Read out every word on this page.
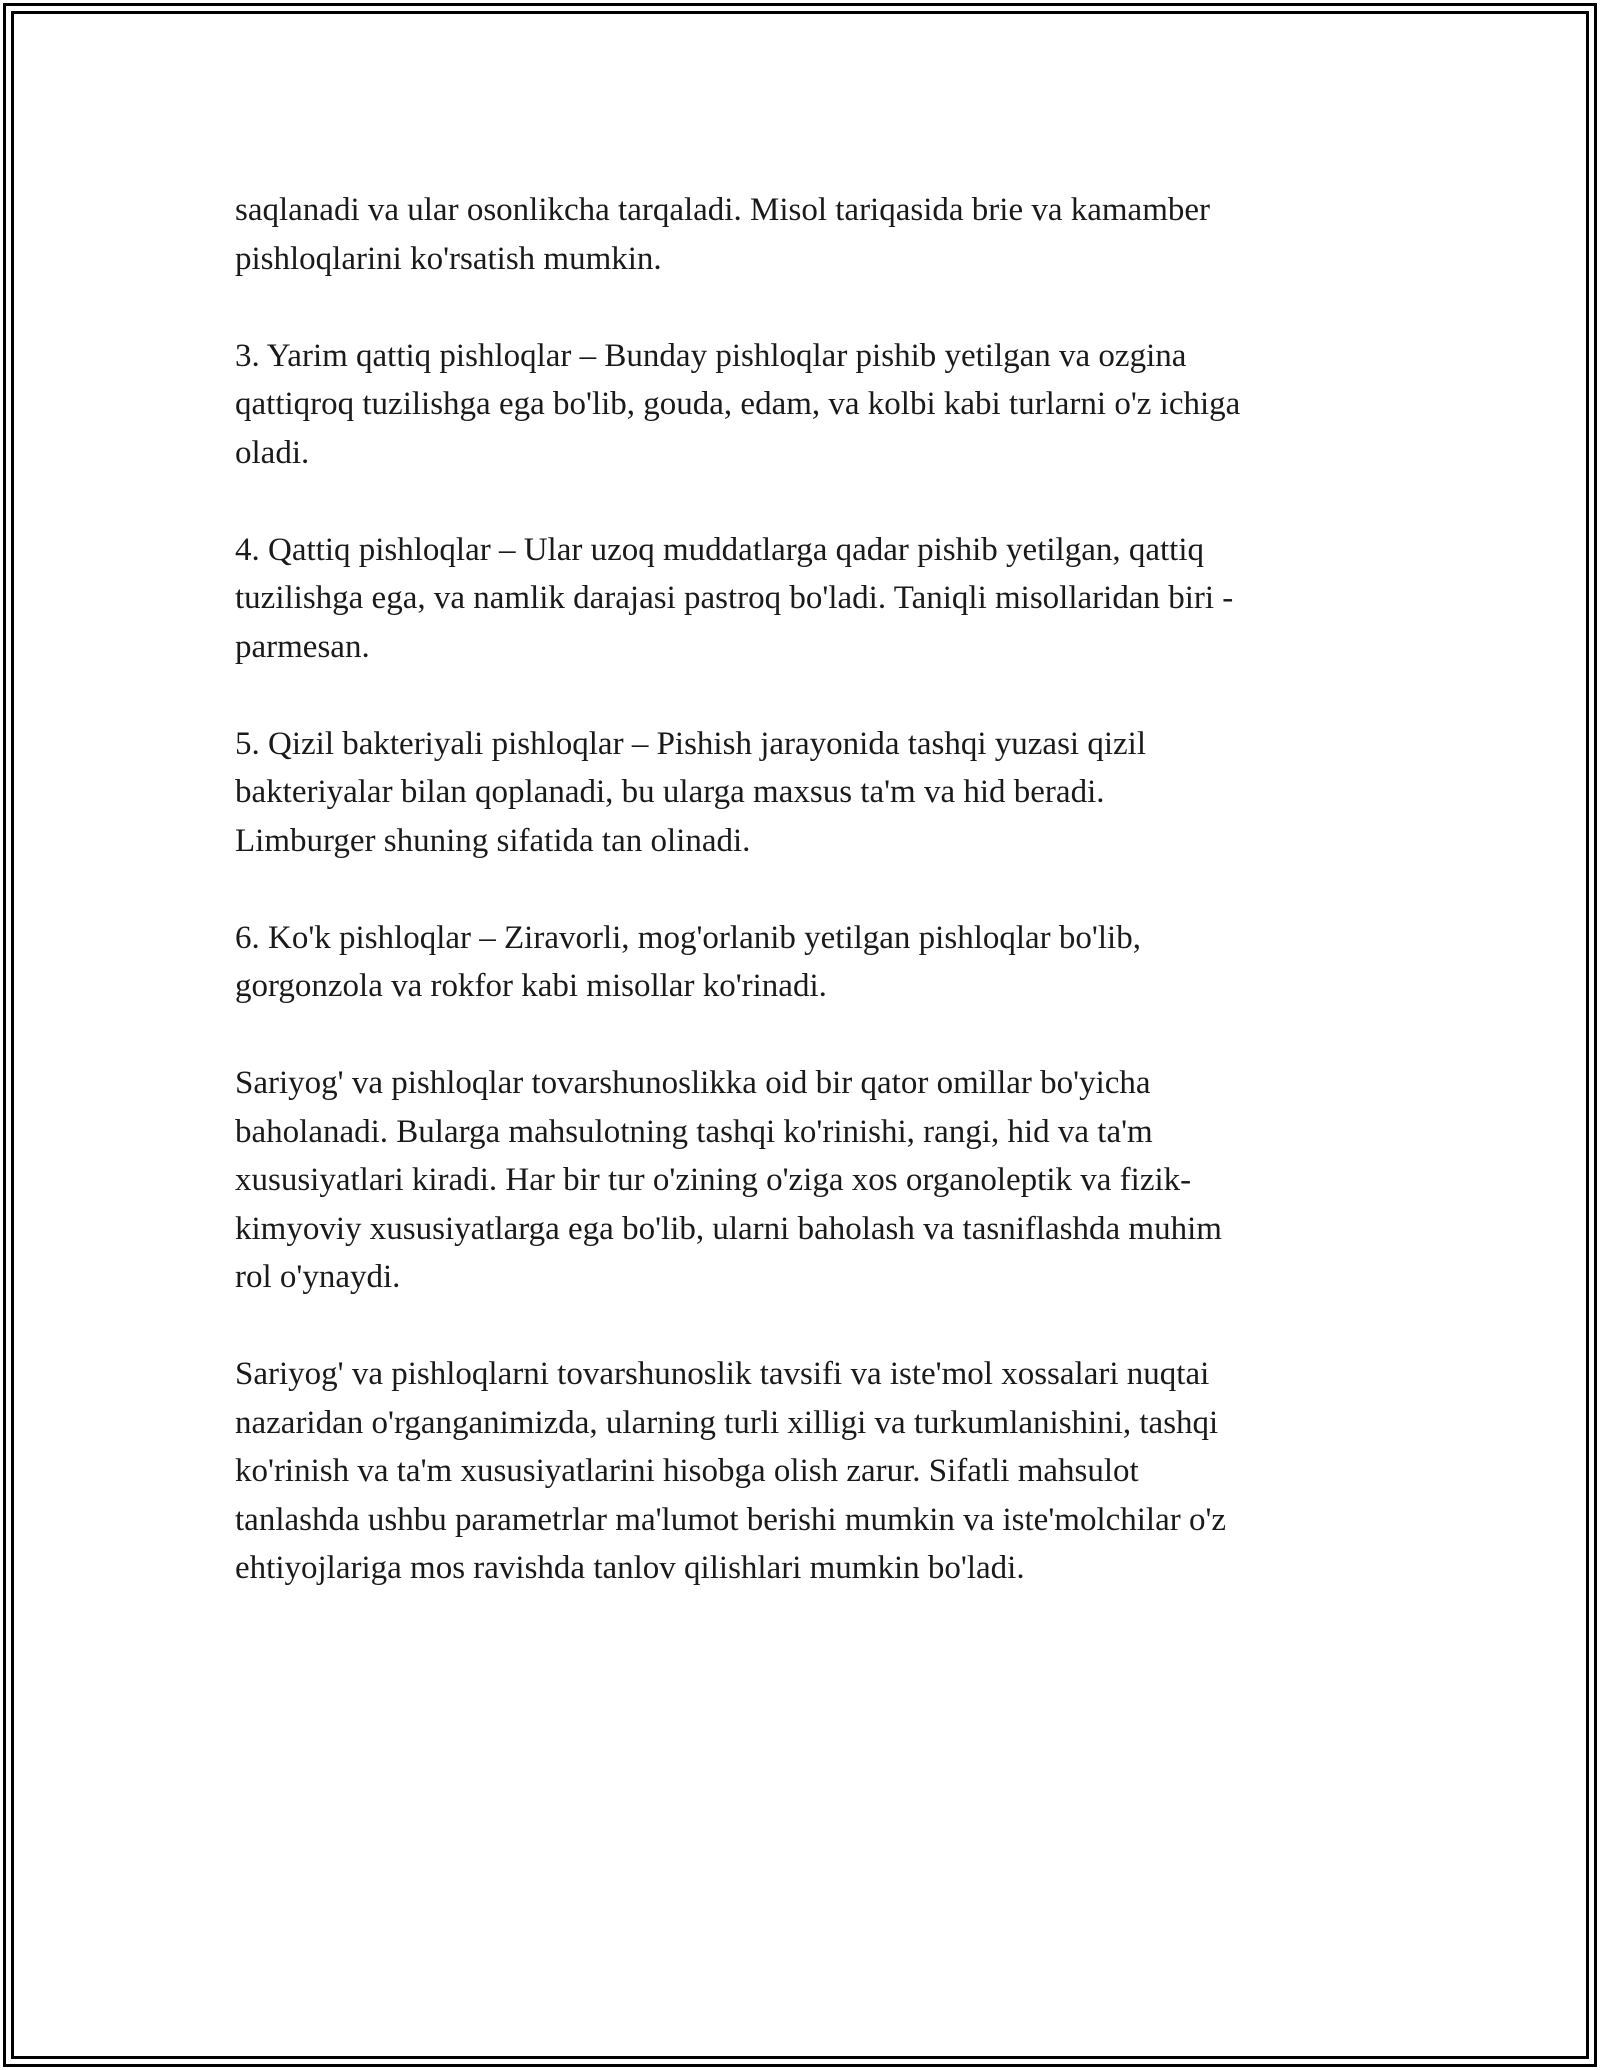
saqlanadi va ular osonlikcha tarqaladi. Misol tariqasida brie va kamamber
pishloqlarini ko'rsatish mumkin.

3. Yarim qattiq pishloqlar – Bunday pishloqlar pishib yetilgan va ozgina
qattiqroq tuzilishga ega bo'lib, gouda, edam, va kolbi kabi turlarni o'z ichiga
oladi.

4. Qattiq pishloqlar – Ular uzoq muddatlarga qadar pishib yetilgan, qattiq
tuzilishga ega, va namlik darajasi pastroq bo'ladi. Taniqli misollaridan biri -
parmesan.

5. Qizil bakteriyali pishloqlar – Pishish jarayonida tashqi yuzasi qizil
bakteriyalar bilan qoplanadi, bu ularga maxsus ta'm va hid beradi.
Limburger shuning sifatida tan olinadi.

6. Ko'k pishloqlar – Ziravorli, mog'orlanib yetilgan pishloqlar bo'lib,
gorgonzola va rokfor kabi misollar ko'rinadi.

Sariyog' va pishloqlar tovarshunoslikka oid bir qator omillar bo'yicha
baholanadi. Bularga mahsulotning tashqi ko'rinishi, rangi, hid va ta'm
xususiyatlari kiradi. Har bir tur o'zining o'ziga xos organoleptik va fizik-
kimyoviy xususiyatlarga ega bo'lib, ularni baholash va tasniflashda muhim
rol o'ynaydi.

Sariyog' va pishloqlarni tovarshunoslik tavsifi va iste'mol xossalari nuqtai
nazaridan o'rganganimizda, ularning turli xilligi va turkumlanishini, tashqi
ko'rinish va ta'm xususiyatlarini hisobga olish zarur. Sifatli mahsulot
tanlashda ushbu parametrlar ma'lumot berishi mumkin va iste'molchilar o'z
ehtiyojlariga mos ravishda tanlov qilishlari mumkin bo'ladi.
